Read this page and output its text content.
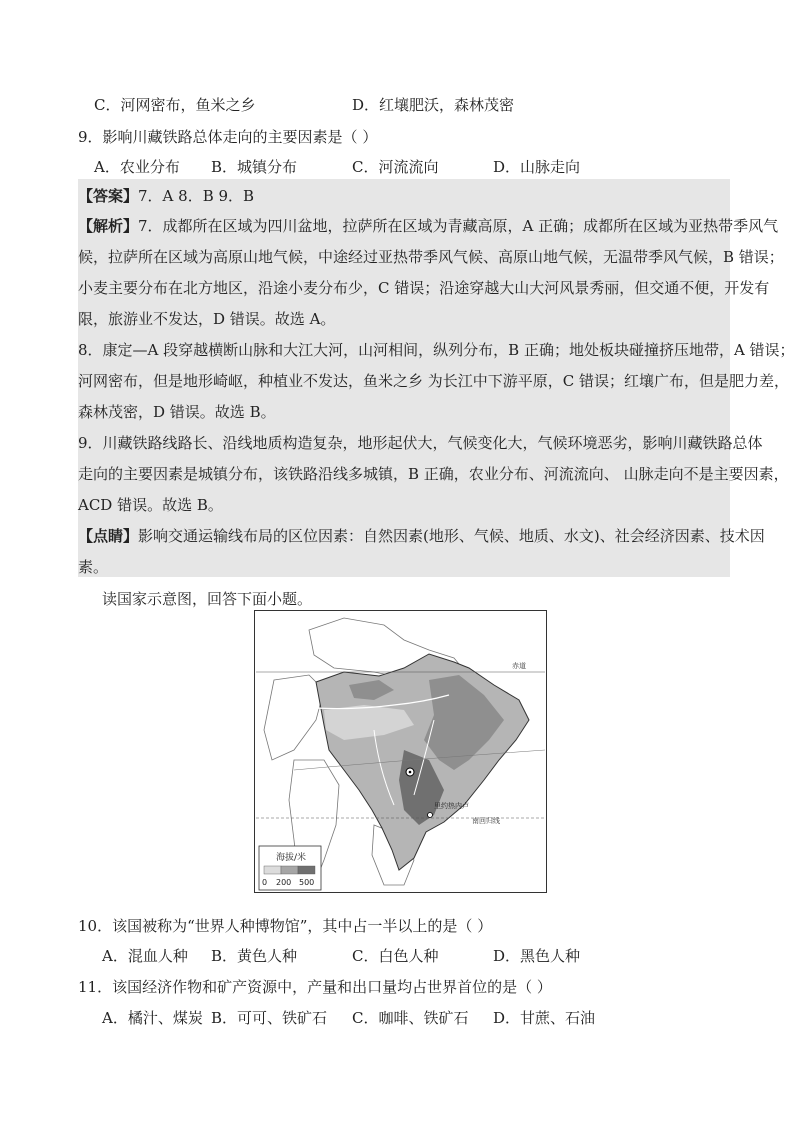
C．河网密布，鱼米之乡	D．红壤肥沃，森林茂密
9．影响川藏铁路总体走向的主要因素是（ ）
A．农业分布 B．城镇分布	C．河流流向	D．山脉走向
【答案】7．A 8．B 9．B
【解析】7．成都所在区域为四川盆地，拉萨所在区域为青藏高原，A 正确；成都所在区域为亚热带季风气
候，拉萨所在区域为高原山地气候，中途经过亚热带季风气候、高原山地气候，无温带季风气候，B 错误；
小麦主要分布在北方地区，沿途小麦分布少，C 错误；沿途穿越大山大河风景秀丽，但交通不便，开发有
限，旅游业不发达，D 错误。故选 A。
8．康定—A 段穿越横断山脉和大江大河，山河相间，纵列分布，B 正确；地处板块碰撞挤压地带，A 错误；
河网密布，但是地形崎岖，种植业不发达，鱼米之乡 为长江中下游平原，C 错误；红壤广布，但是肥力差，
森林茂密，D 错误。故选 B。
9．川藏铁路线路长、沿线地质构造复杂，地形起伏大，气候变化大，气候环境恶劣，影响川藏铁路总体
走向的主要因素是城镇分布，该铁路沿线多城镇，B 正确，农业分布、河流流向、 山脉走向不是主要因素，
ACD 错误。故选 B。
【点睛】影响交通运输线布局的区位因素：自然因素(地形、气候、地质、水文)、社会经济因素、技术因
素。
读国家示意图，回答下面小题。
赤道
南回归线
里约热内卢
海拔/米
0 200 500
10．该国被称为“世界人种博物馆”，其中占一半以上的是（ ）
A．混血人种 B．黄色人种	C．白色人种	D．黑色人种
11．该国经济作物和矿产资源中，产量和出口量均占世界首位的是（ ）
A．橘汁、煤炭 B．可可、铁矿石 C．咖啡、铁矿石 D．甘蔗、石油
